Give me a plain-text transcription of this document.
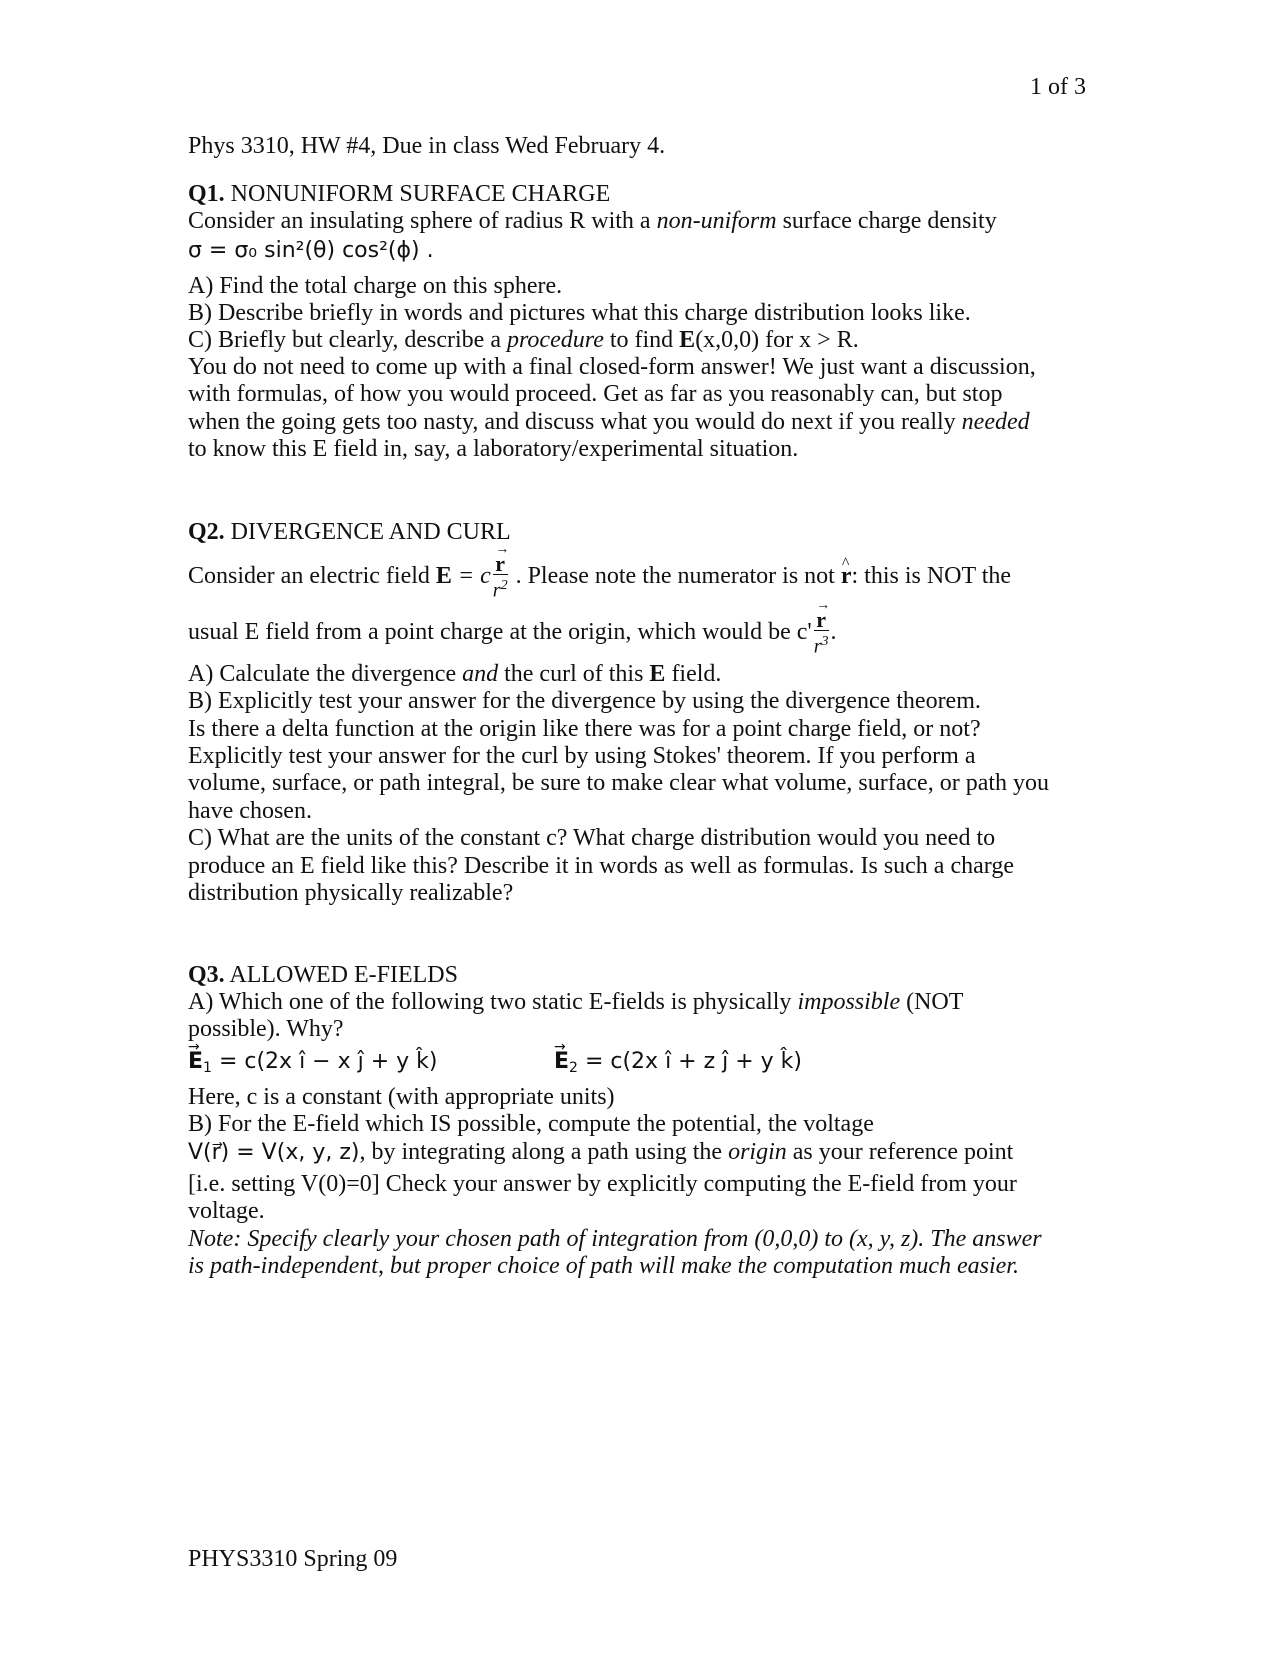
1 of 3
Phys 3310, HW #4, Due in class Wed February 4.
Q1. NONUNIFORM SURFACE CHARGE
Consider an insulating sphere of radius R with a non-uniform surface charge density
σ = σ₀ sin²(θ) cos²(ϕ) .
A) Find the total charge on this sphere.
B) Describe briefly in words and pictures what this charge distribution looks like.
C) Briefly but clearly, describe a procedure to find E(x,0,0) for x > R.
You do not need to come up with a final closed-form answer! We just want a discussion,
with formulas, of how you would proceed. Get as far as you reasonably can, but stop
when the going gets too nasty, and discuss what you would do next if you really needed
to know this E field in, say, a laboratory/experimental situation.
Q2. DIVERGENCE AND CURL
Consider an electric field E = c
→ $\frac{r}{r^2}$ . Please note the numerator is not ^ r: this is NOT the
usual E field from a point charge at the origin, which would be c'
→ $\frac{r}{r^3}$ .
A) Calculate the divergence and the curl of this E field.
B) Explicitly test your answer for the divergence by using the divergence theorem.
Is there a delta function at the origin like there was for a point charge field, or not?
Explicitly test your answer for the curl by using Stokes' theorem. If you perform a
volume, surface, or path integral, be sure to make clear what volume, surface, or path you
have chosen.
C) What are the units of the constant c? What charge distribution would you need to
produce an E field like this? Describe it in words as well as formulas. Is such a charge
distribution physically realizable?
Q3. ALLOWED E-FIELDS
A) Which one of the following two static E-fields is physically impossible (NOT
possible). Why?
→ $E_1 = c(2x$ î − x ĵ + y k̂)
→	$E_2 = c(2x$ î + z ĵ + y k̂)
Here, c is a constant (with appropriate units)
B) For the E-field which IS possible, compute the potential, the voltage
V(r⃗) = V(x, y, z), by integrating along a path using the origin as your reference point
[i.e. setting V(0)=0] Check your answer by explicitly computing the E-field from your
voltage.
Note: Specify clearly your chosen path of integration from (0,0,0) to (x, y, z). The answer
is path-independent, but proper choice of path will make the computation much easier.
PHYS3310 Spring 09
